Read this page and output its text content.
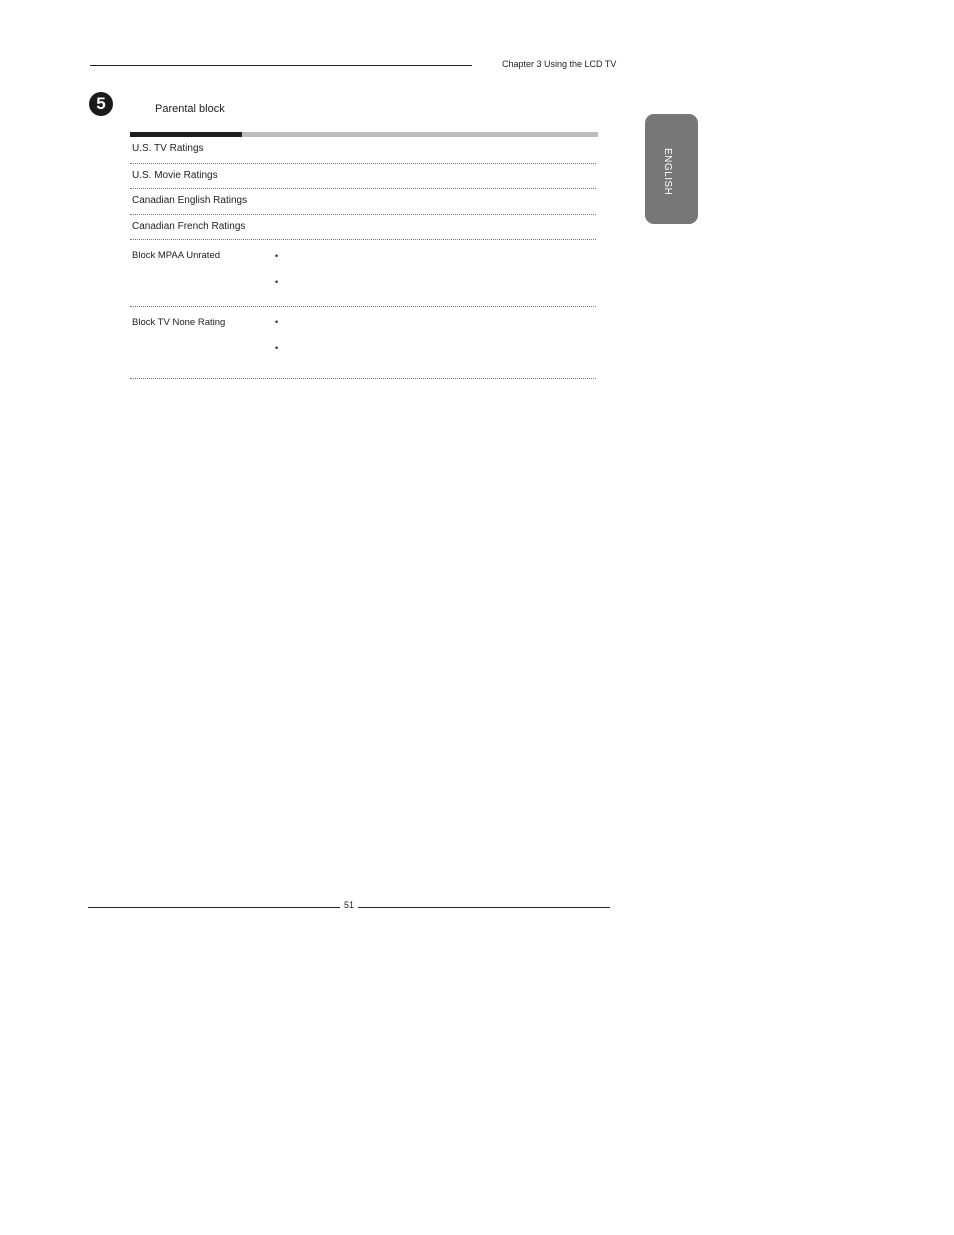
Chapter 3 Using the LCD TV
5	Parental block
U.S. TV Ratings
U.S. Movie Ratings
Canadian English Ratings
Canadian French Ratings
Block MPAA Unrated	•
•
Block TV None Rating	•
•
ENGLISH
51
